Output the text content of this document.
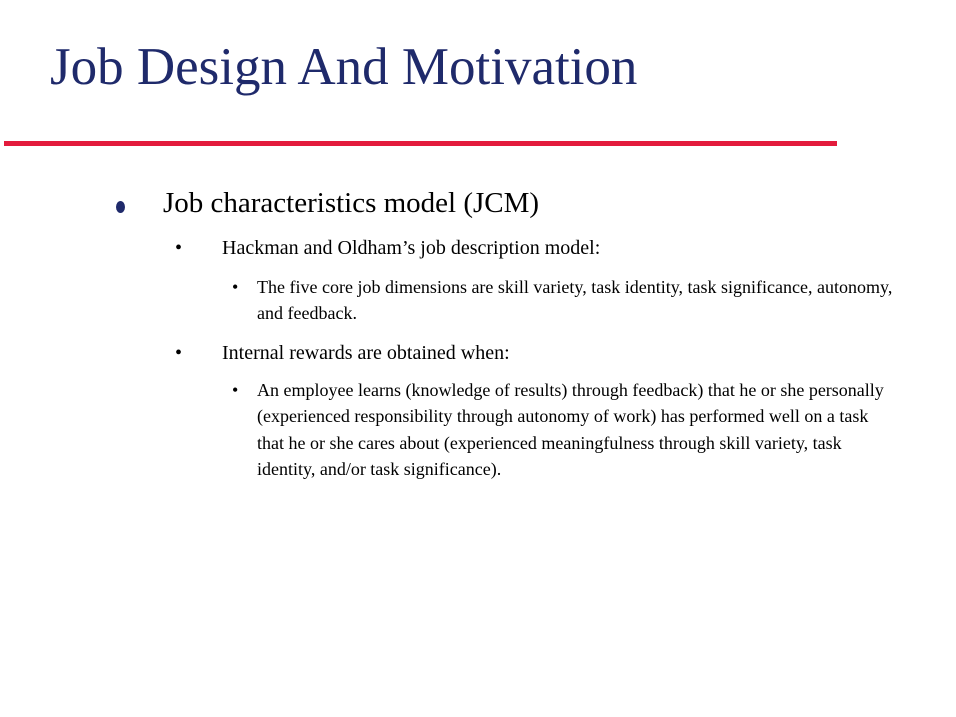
Job Design And Motivation
Job characteristics model (JCM)
• Hackman and Oldham’s job description model:
• The five core job dimensions are skill variety, task identity, task significance, autonomy, and feedback.
• Internal rewards are obtained when:
• An employee learns (knowledge of results) through feedback) that he or she personally (experienced responsibility through autonomy of work) has performed well on a task that he or she cares about (experienced meaningfulness through skill variety, task identity, and/or task significance).
